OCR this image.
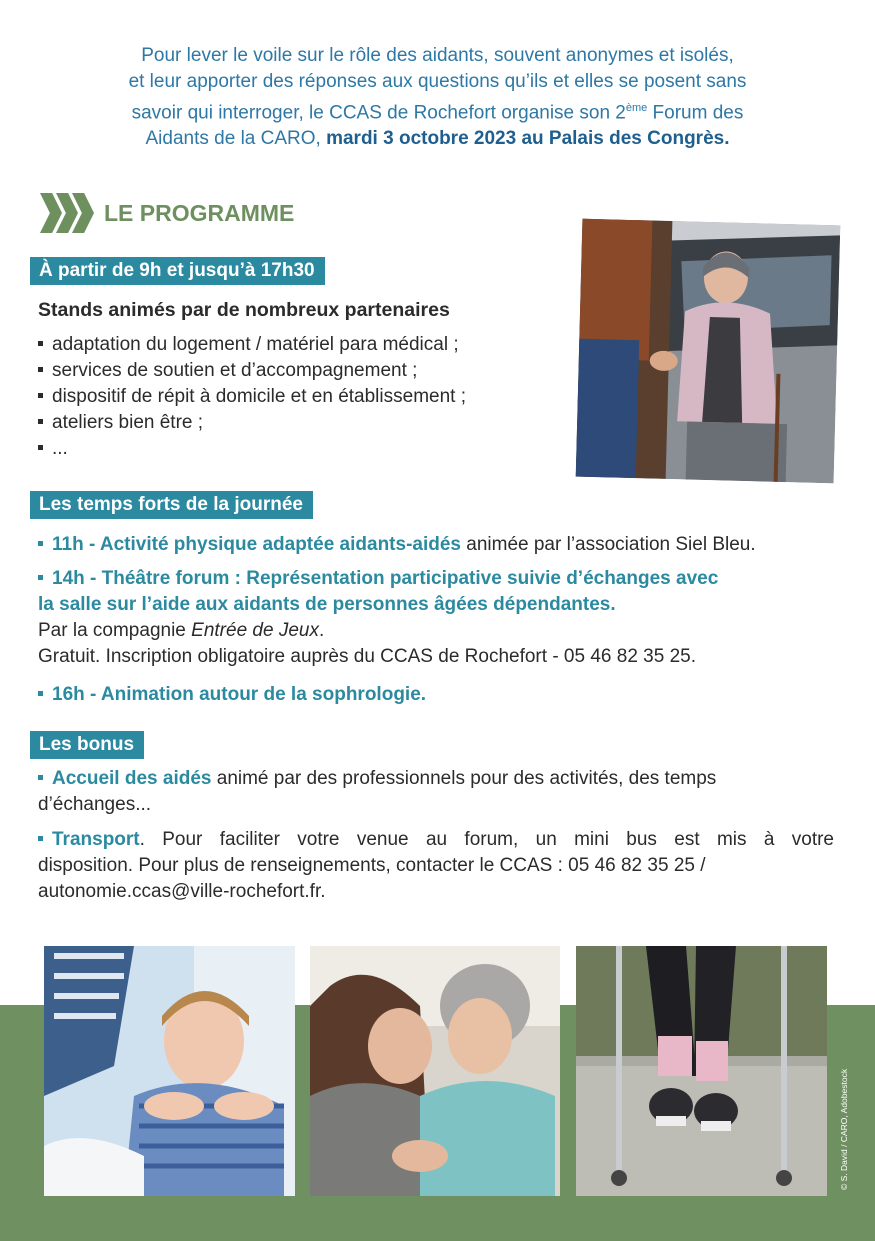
Pour lever le voile sur le rôle des aidants, souvent anonymes et isolés,
et leur apporter des réponses aux questions qu’ils et elles se posent sans
savoir qui interroger, le CCAS de Rochefort organise son 2ème Forum des
Aidants de la CARO, mardi 3 octobre 2023 au Palais des Congrès.
LE PROGRAMME
À partir de 9h et jusqu’à 17h30
Stands animés par de nombreux partenaires
adaptation du logement / matériel para médical ;
services de soutien et d’accompagnement ;
dispositif de répit à domicile et en établissement ;
ateliers bien être ;
...
Les temps forts de la journée
11h - Activité physique adaptée aidants-aidés animée par l’association Siel Bleu.
14h - Théâtre forum : Représentation participative suivie d’échanges avec
la salle sur l’aide aux aidants de personnes âgées dépendantes.
Par la compagnie Entrée de Jeux.
Gratuit. Inscription obligatoire auprès du CCAS de Rochefort - 05 46 82 35 25.
16h - Animation autour de la sophrologie.
Les bonus
Accueil des aidés animé par des professionnels pour des activités, des temps
d’échanges...
Transport. Pour faciliter votre venue au forum, un mini bus est mis à votre
disposition. Pour plus de renseignements, contacter le CCAS : 05 46 82 35 25 /
autonomie.ccas@ville-rochefort.fr.
© S. David / CARO, Adobestock
